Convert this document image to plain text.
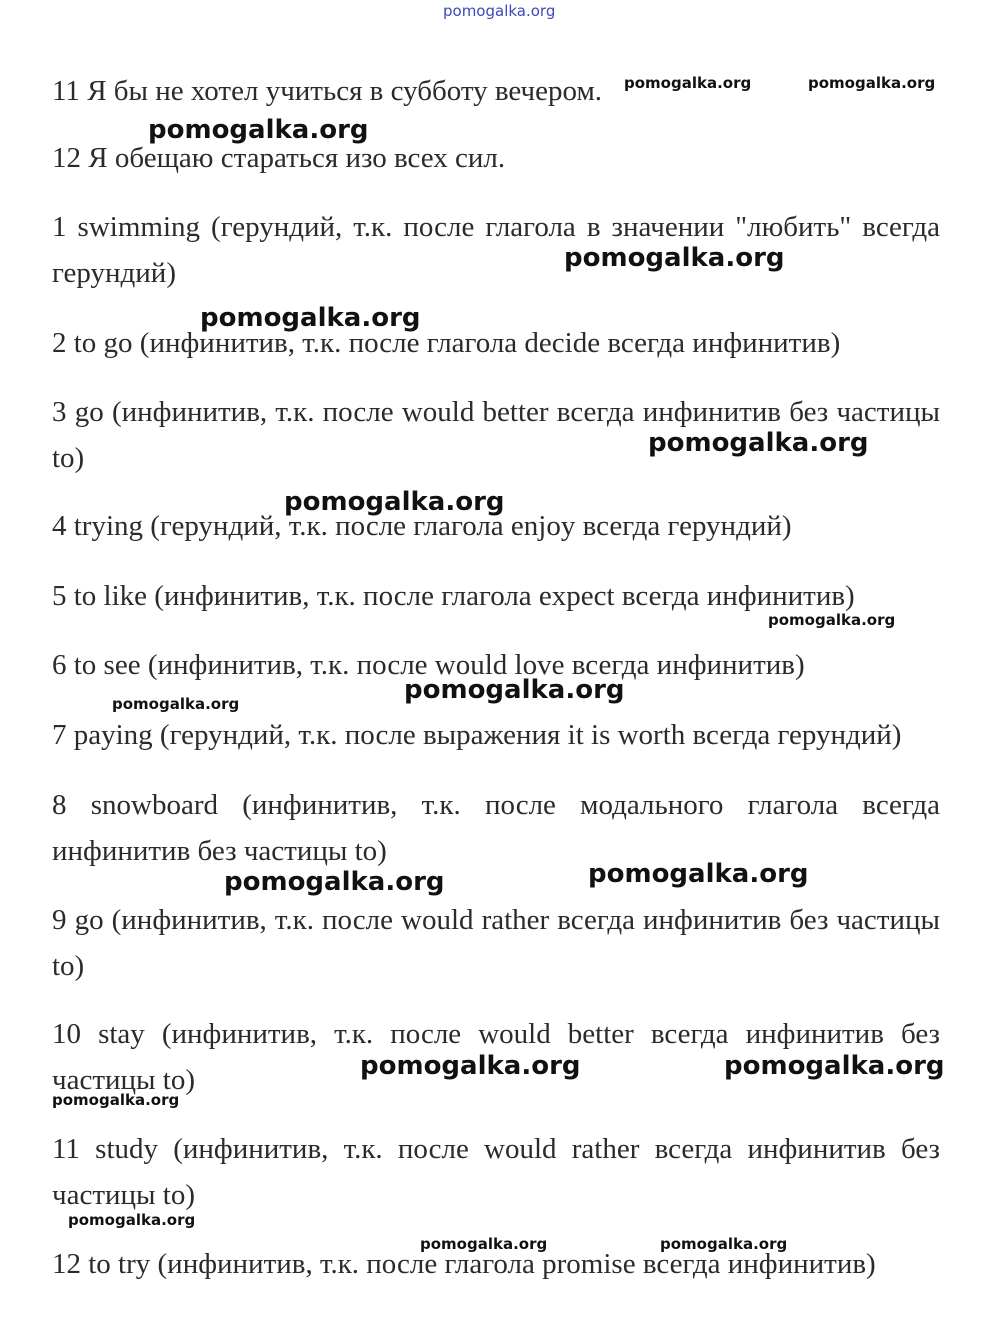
pomogalka.org

11 Я бы не хотел учиться в субботу вечером.

12 Я обещаю стараться изо всех сил.

1 swimming (герундий, т.к. после глагола в значении "любить" всегда герундий)

2 to go (инфинитив, т.к. после глагола decide всегда инфинитив)

3 go (инфинитив, т.к. после would better всегда инфинитив без частицы to)

4 trying (герундий, т.к. после глагола enjoy всегда герундий)

5 to like (инфинитив, т.к. после глагола expect всегда инфинитив)

6 to see (инфинитив, т.к. после would love всегда инфинитив)

7 paying (герундий, т.к. после выражения it is worth всегда герундий)

8 snowboard (инфинитив, т.к. после модального глагола всегда инфинитив без частицы to)

9 go (инфинитив, т.к. после would rather всегда инфинитив без частицы to)

10 stay (инфинитив, т.к. после would better всегда инфинитив без частицы to)

11 study (инфинитив, т.к. после would rather всегда инфинитив без частицы to)

12 to try (инфинитив, т.к. после глагола promise всегда инфинитив)

pomogalka.org	pomogalka.org
pomogalka.org
pomogalka.org
pomogalka.org
pomogalka.org
pomogalka.org
pomogalka.org
pomogalka.org
pomogalka.org
pomogalka.org
pomogalka.org
pomogalka.org	pomogalka.org
pomogalka.org
pomogalka.org
pomogalka.org	pomogalka.org
